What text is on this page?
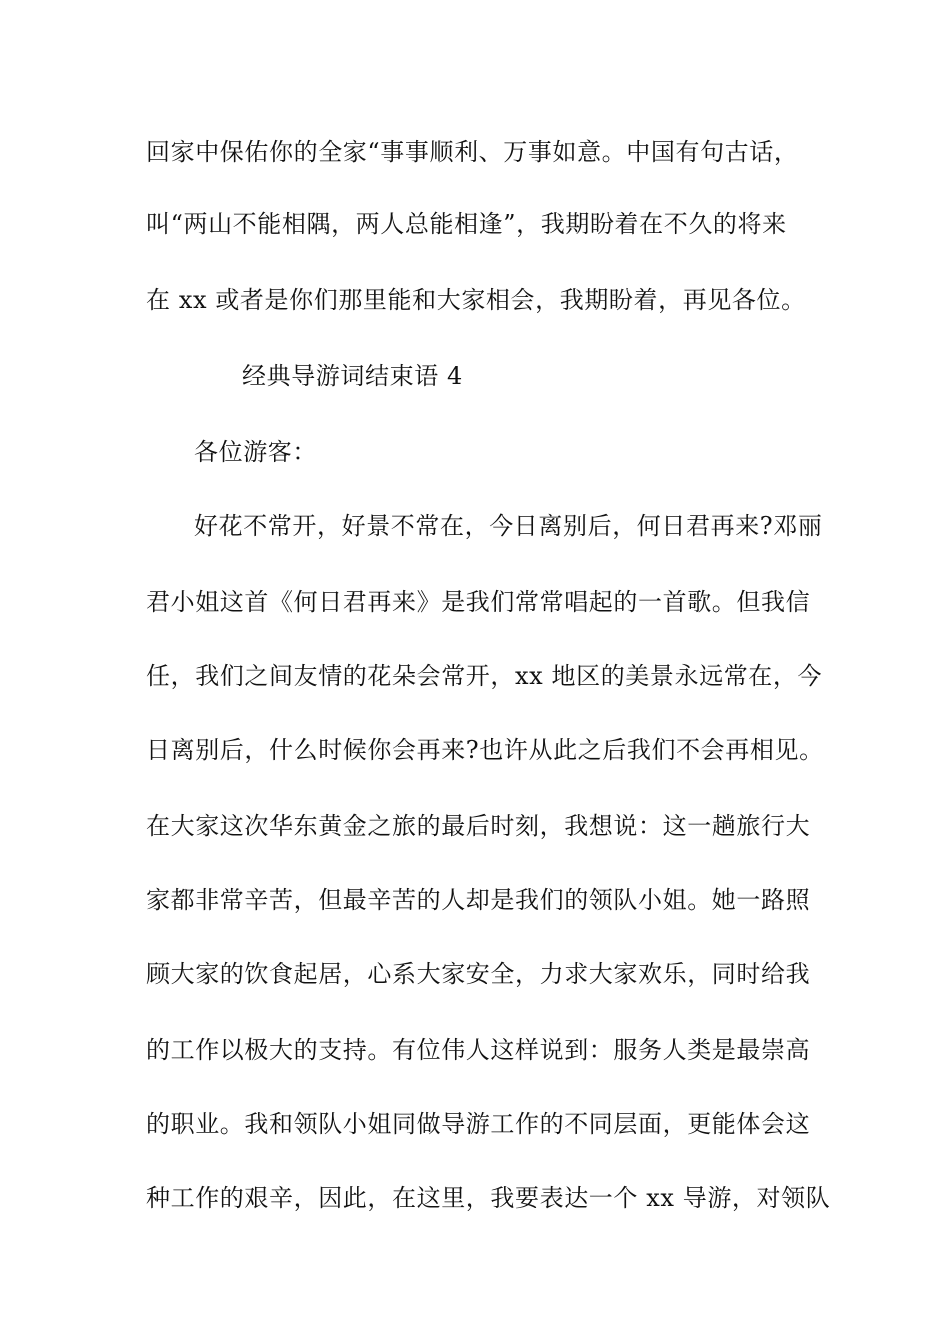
回家中保佑你的全家“事事顺利、万事如意。中国有句古话，
叫“两山不能相隅，两人总能相逢”，我期盼着在不久的将来
在 xx 或者是你们那里能和大家相会，我期盼着，再见各位。
经典导游词结束语 4
各位游客：
好花不常开，好景不常在，今日离别后，何日君再来?邓丽
君小姐这首《何日君再来》是我们常常唱起的一首歌。但我信
任，我们之间友情的花朵会常开，xx 地区的美景永远常在，今
日离别后，什么时候你会再来?也许从此之后我们不会再相见。
在大家这次华东黄金之旅的最后时刻，我想说：这一趟旅行大
家都非常辛苦，但最辛苦的人却是我们的领队小姐。她一路照
顾大家的饮食起居，心系大家安全，力求大家欢乐，同时给我
的工作以极大的支持。有位伟人这样说到：服务人类是最崇高
的职业。我和领队小姐同做导游工作的不同层面，更能体会这
种工作的艰辛，因此，在这里，我要表达一个 xx 导游，对领队
